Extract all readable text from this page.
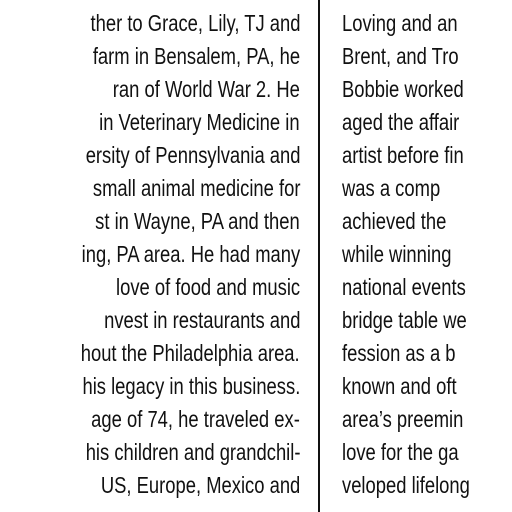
ther to Grace, Lily, TJ and
farm in Bensalem, PA, he
ran of World War 2. He
in Veterinary Medicine in
ersity of Pennsylvania and
small animal medicine for
st in Wayne, PA and then
ing, PA area. He had many
love of food and music
nvest in restaurants and
hout the Philadelphia area.
his legacy in this business.
age of 74, he traveled ex-
his children and grandchil-
US, Europe, Mexico and
Loving and an
Brent, and Tro
Bobbie worked
aged the affair
artist before fin
was a comp
achieved the
while winning
national events
bridge table we
fession as a b
known and oft
area’s preemin
love for the ga
veloped lifelong
